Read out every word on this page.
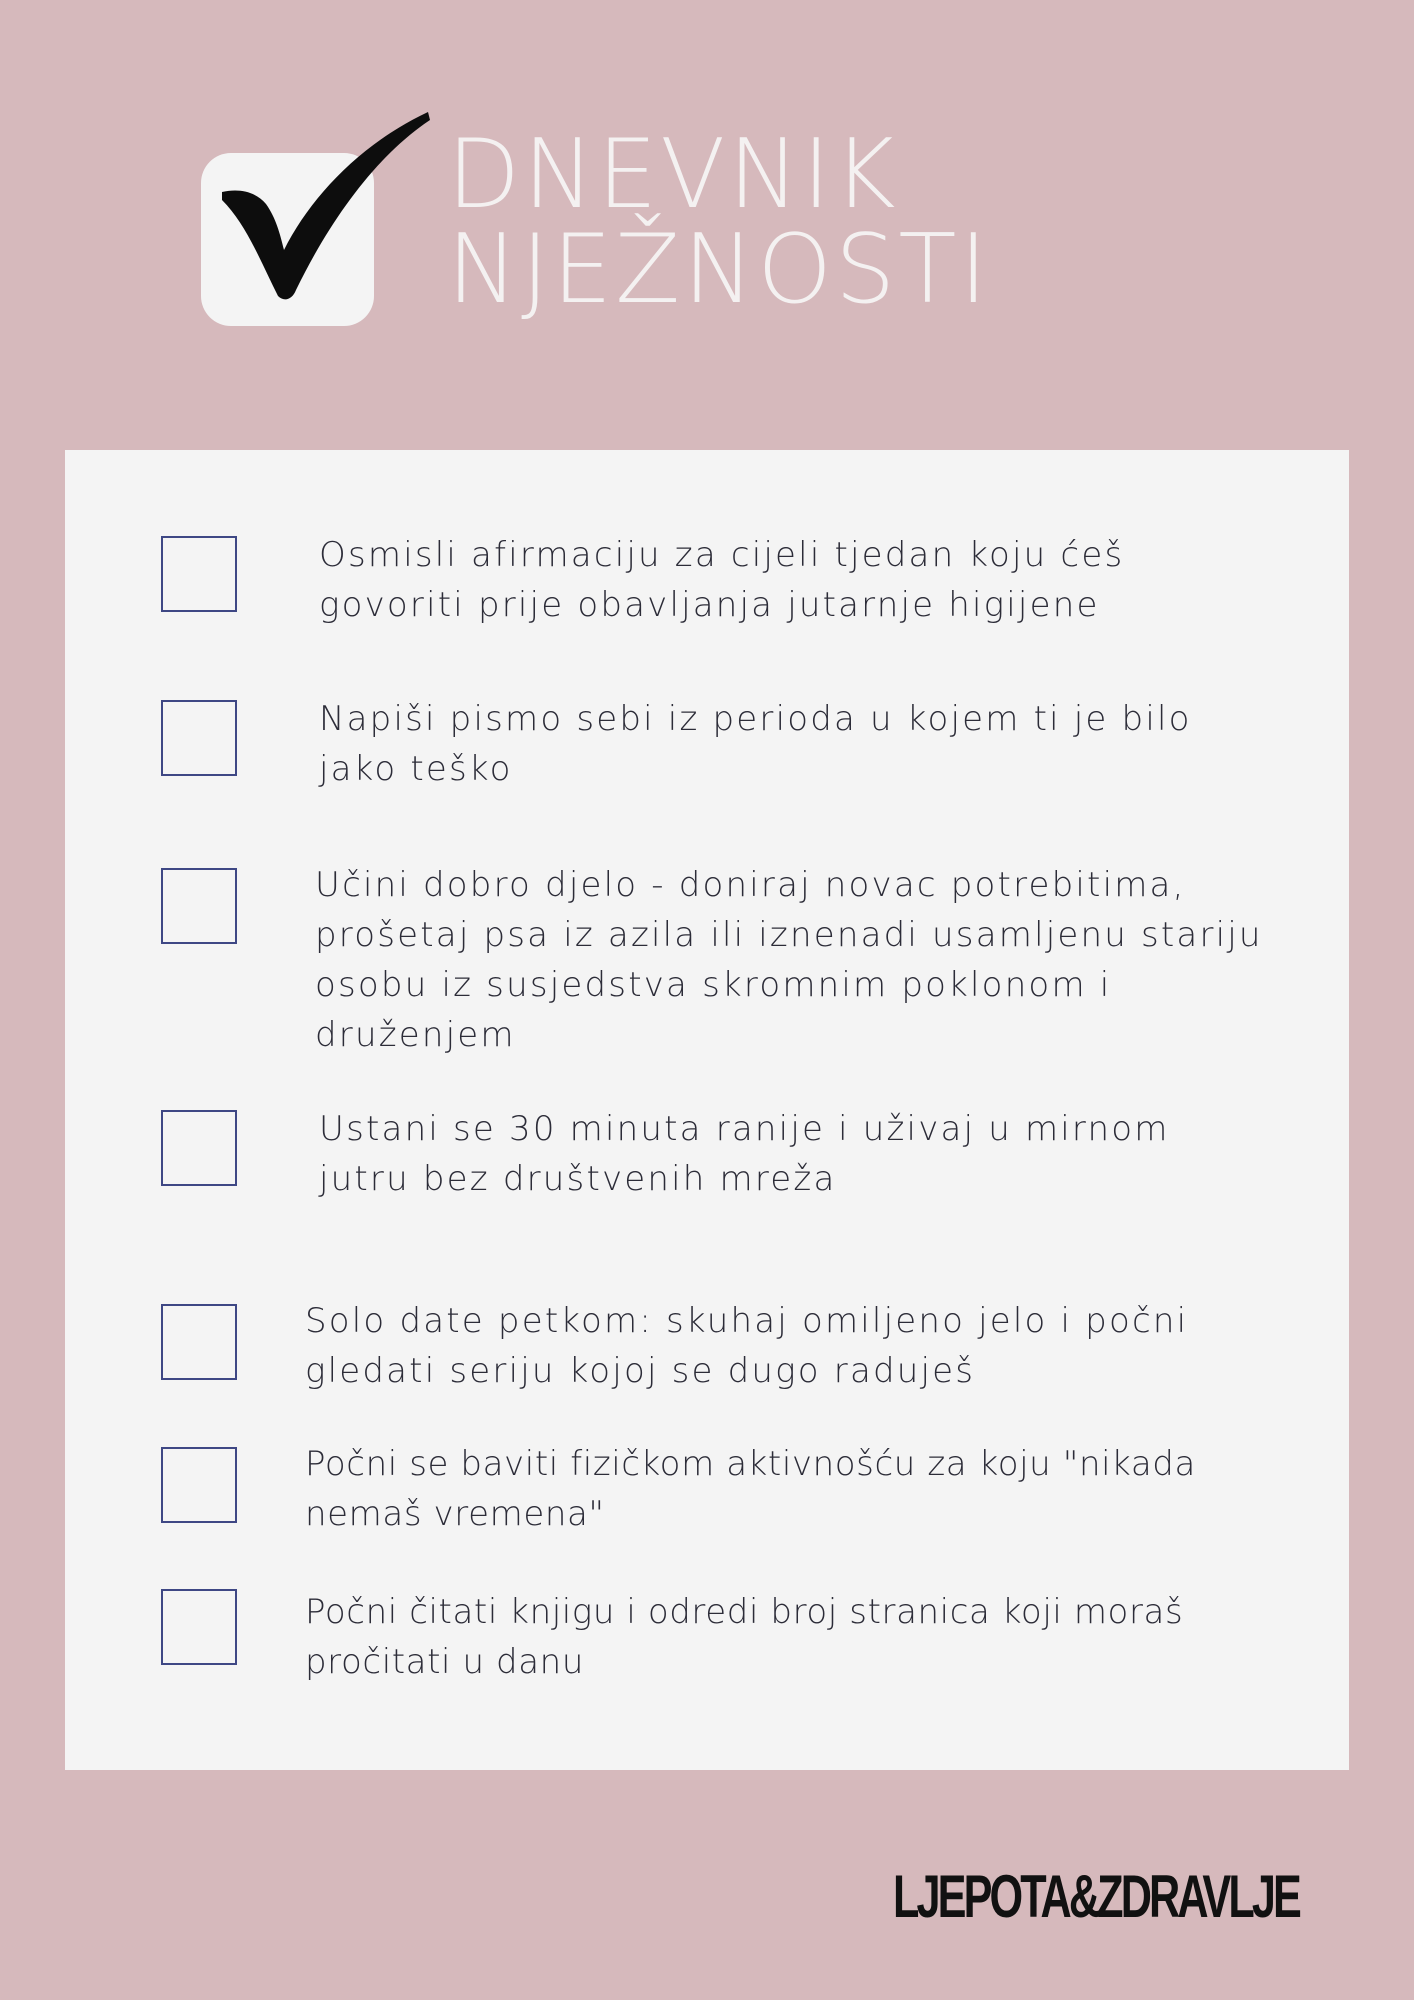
DNEVNIK
NJEŽNOSTI
Osmisli afirmaciju za cijeli tjedan koju ćeš
govoriti prije obavljanja jutarnje higijene
Napiši pismo sebi iz perioda u kojem ti je bilo
jako teško
Učini dobro djelo - doniraj novac potrebitima,
prošetaj psa iz azila ili iznenadi usamljenu stariju
osobu iz susjedstva skromnim poklonom i
druženjem
Ustani se 30 minuta ranije i uživaj u mirnom
jutru bez društvenih mreža
Solo date petkom: skuhaj omiljeno jelo i počni
gledati seriju kojoj se dugo raduješ
Počni se baviti fizičkom aktivnošću za koju "nikada
nemaš vremena"
Počni čitati knjigu i odredi broj stranica koji moraš
pročitati u danu
LJEPOTA&ZDRAVLJE
